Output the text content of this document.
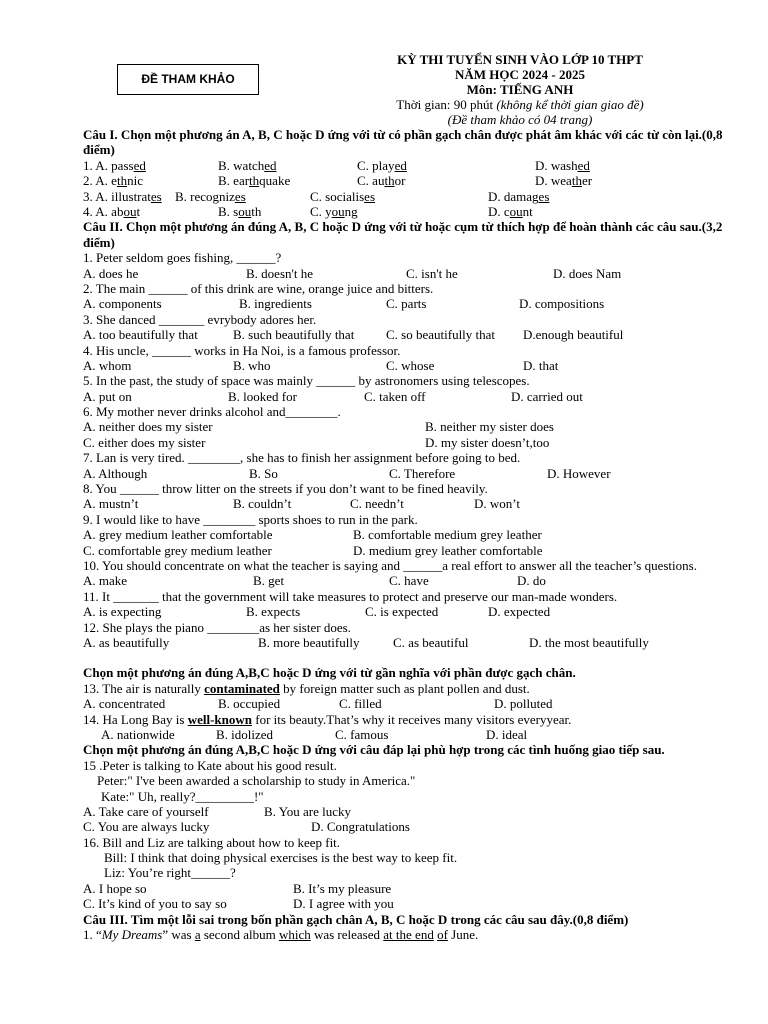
ĐỀ THAM KHẢO
KỲ THI TUYỂN SINH VÀO LỚP 10 THPT
NĂM HỌC 2024 - 2025
Môn: TIẾNG ANH
Thời gian: 90 phút (không kể thời gian giao đề)
(Đề tham khảo có 04 trang)
Câu I. Chọn một phương án A, B, C hoặc D ứng với từ có phần gạch chân được phát âm khác với các từ còn lại.(0,8 điểm)
1. A. passed	B. watched	C. played	D. washed
2. A. ethnic	B. earthquake	C. author	D. weather
3. A. illustrates B. recognizes	C. socialises	D. damages
4. A. about	B. south	C. young	D. count
Câu II. Chọn một phương án đúng A, B, C hoặc D ứng với từ hoặc cụm từ thích hợp để hoàn thành các câu sau.(3,2 điểm)
1. Peter seldom goes fishing, ______?
A. does he	B. doesn't he	C. isn't he	D. does Nam
2. The main ______ of this drink are wine, orange juice and bitters.
A. components	B. ingredients	C. parts	D. compositions
3. She danced _______ evrybody adores her.
A. too beautifully that	B. such beautifully that C. so beautifully that D.enough beautiful
4. His uncle, ______ works in Ha Noi, is a famous professor.
A. whom	B. who	C. whose	D. that
5. In the past, the study of space was mainly ______ by astronomers using telescopes.
A. put on	B. looked for	C. taken off	D. carried out
6. My mother never drinks alcohol and________.
A. neither does my sister	B. neither my sister does
C. either does my sister	D. my sister doesn’t,too
7. Lan is very tired. ________, she has to finish her assignment before going to bed.
A. Although	B. So	C. Therefore	D. However
8. You ______ throw litter on the streets if you don’t want to be fined heavily.
A. mustn’t	B. couldn’t	C. needn’t	D. won’t
9. I would like to have ________ sports shoes to run in the park.
A. grey medium leather comfortable	B. comfortable medium grey leather
C. comfortable grey medium leather	D. medium grey leather comfortable
10. You should concentrate on what the teacher is saying and ______a real effort to answer all the teacher’s questions.
A. make	B. get	C. have	D. do
11. It _______ that the government will take measures to protect and preserve our man-made wonders.
A. is expecting	B. expects	C. is expected	D. expected
12. She plays the piano ________as her sister does.
A. as beautifully	B. more beautifully	C. as beautiful	D. the most beautifully
Chọn một phương án đúng A,B,C hoặc D ứng với từ gần nghĩa với phần được gạch chân.
13. The air is naturally contaminated by foreign matter such as plant pollen and dust.
A. concentrated	B. occupied	C. filled	D. polluted
14. Ha Long Bay is well-known for its beauty.That’s why it receives many visitors everyyear.
A. nationwide	B. idolized	C. famous	D. ideal
Chọn một phương án đúng A,B,C hoặc D ứng với câu đáp lại phù hợp trong các tình huống giao tiếp sau.
15 .Peter is talking to Kate about his good result.
Peter:" I've been awarded a scholarship to study in America."
Kate:" Uh, really?_________!"
A. Take care of yourself	B. You are lucky
C. You are always lucky	D. Congratulations
16. Bill and Liz are talking about how to keep fit.
Bill: I think that doing physical exercises is the best way to keep fit.
Liz: You’re right______?
A. I hope so	B. It’s my pleasure
C. It’s kind of you to say so	D. I agree with you
Câu III. Tìm một lỗi sai trong bốn phần gạch chân A, B, C hoặc D trong các câu sau đây.(0,8 điểm)
1. “My Dreams” was a second album which was released at the end of June.
